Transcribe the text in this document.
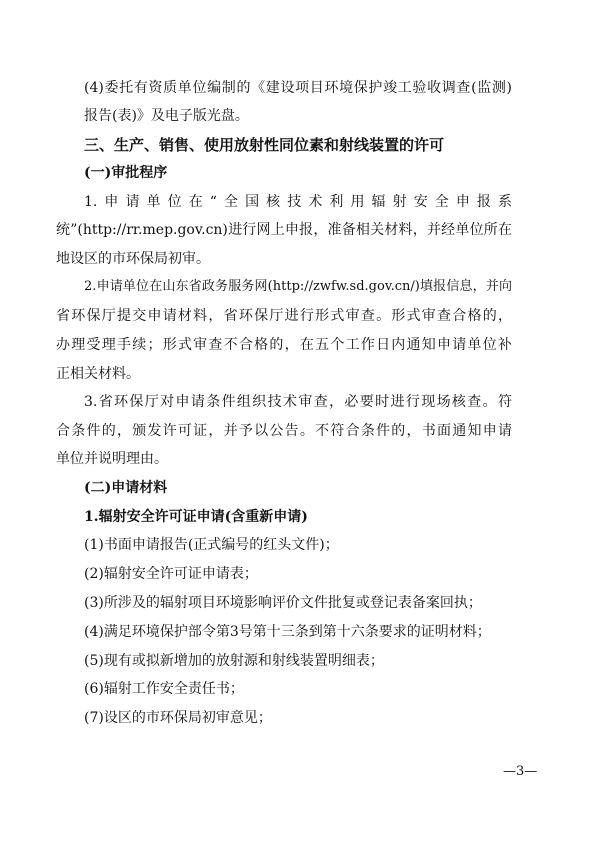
(4)委托有资质单位编制的《建设项目环境保护竣工验收调查(监测)
报告(表)》及电子版光盘。
三、生产、销售、使用放射性同位素和射线装置的许可
(一)审批程序
1.申请单位在“全国核技术利用辐射安全申报系
统”(http://rr.mep.gov.cn)进行网上申报，准备相关材料，并经单位所在
地设区的市环保局初审。
2.申请单位在山东省政务服务网(http://zwfw.sd.gov.cn/)填报信息，并向
省环保厅提交申请材料，省环保厅进行形式审查。形式审查合格的，
办理受理手续；形式审查不合格的，在五个工作日内通知申请单位补
正相关材料。
3.省环保厅对申请条件组织技术审查，必要时进行现场核查。符
合条件的，颁发许可证，并予以公告。不符合条件的，书面通知申请
单位并说明理由。
(二)申请材料
1.辐射安全许可证申请(含重新申请)
(1)书面申请报告(正式编号的红头文件)；
(2)辐射安全许可证申请表；
(3)所涉及的辐射项目环境影响评价文件批复或登记表备案回执；
(4)满足环境保护部令第3号第十三条到第十六条要求的证明材料；
(5)现有或拟新增加的放射源和射线装置明细表；
(6)辐射工作安全责任书；
(7)设区的市环保局初审意见；
—3—
